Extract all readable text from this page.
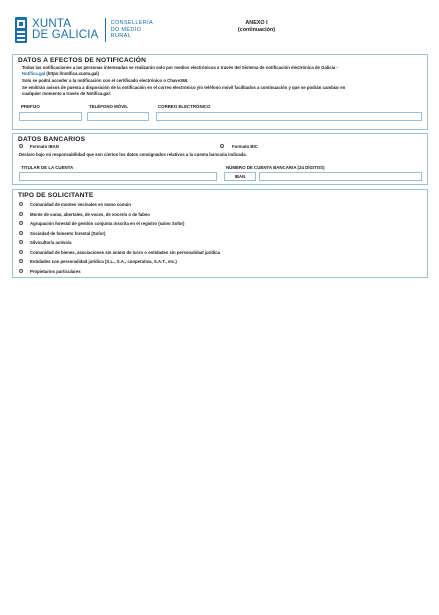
XUNTA
DE GALICIA
CONSELLERÍA
DO MEDIO
RURAL
ANEXO I
(continuación)
DATOS A EFECTOS DE NOTIFICACIÓN
Todas las notificaciones a las personas interesadas se realizarán solo por medios electrónicos a través del Sistema de notificación electrónica de Galicia -
Notifica.gal (https://notifica.xunta.gal)
Solo se podrá acceder a la notificación con el certificado electrónico o Chave365.
Se emitirán avisos de puesta a disposición de la notificación en el correo electrónico y/o teléfono móvil facilitados a continuación y que se podrán cambiar en
cualquier momento a través de Notifica.gal:
PREFIJO	TELÉFONO MÓVIL	CORREO ELECTRÓNICO
DATOS BANCARIOS
Formato IBAN	Formato BIC
Declaro bajo mi responsabilidad que son ciertos los datos consignados relativos a la cuenta bancaria indicada.
TITULAR DE LA CUENTA	NÚMERO DE CUENTA BANCARIA (24 DÍGITOS)
IBAN
TIPO DE SOLICITANTE
Comunidad de montes vecinales en mano común
Monte de varas, abertales, de voces, de vocerío o de fabeo
Agrupación forestal de gestión conjunta inscrita en el registro (salvo Sofor)
Sociedad de fomento forestal (Sofor)
Silvicultor/a activo/a
Comunidad de bienes, asociaciones sin ánimo de lucro o entidades sin personalidad jurídica
Entidades con personalidad jurídica (S.L., S.A., cooperativa, S.A.T., etc.)
Propietarios particulares
